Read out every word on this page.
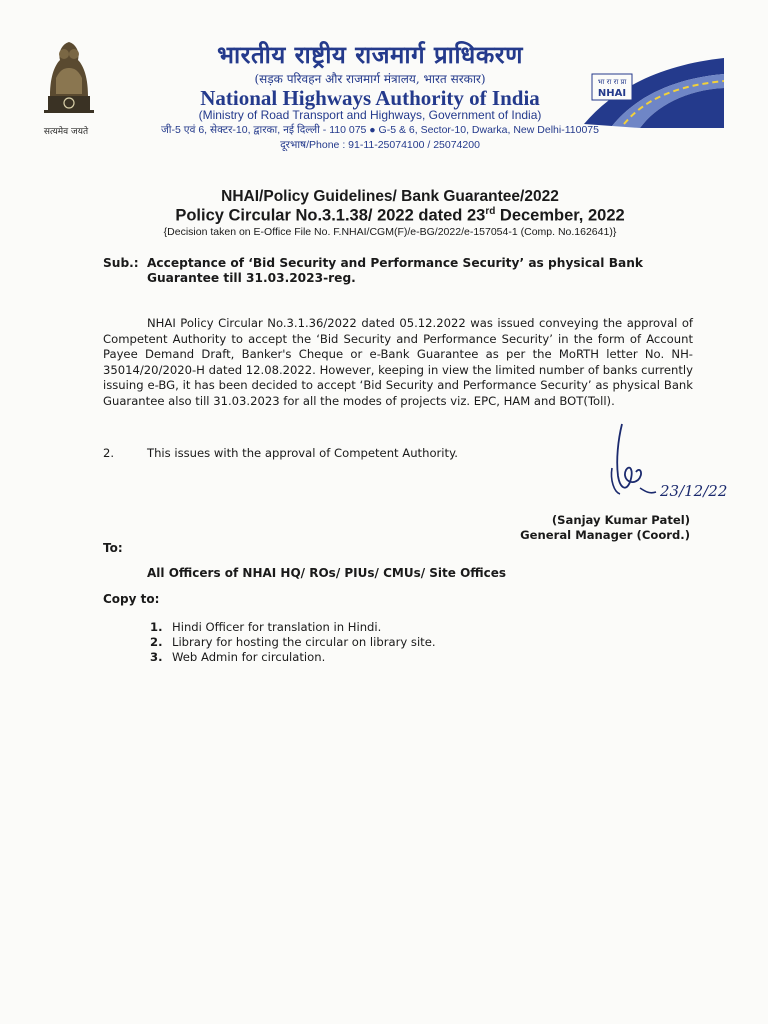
सत्यमेव जयते
भारतीय राष्ट्रीय राजमार्ग प्राधिकरण
(सड़क परिवहन और राजमार्ग मंत्रालय, भारत सरकार)
National Highways Authority of India
(Ministry of Road Transport and Highways, Government of India)
जी-5 एवं 6, सेक्टर-10, द्वारका, नई दिल्ली - 110 075 ● G-5 & 6, Sector-10, Dwarka, New Delhi-110075
दूरभाष/Phone : 91-11-25074100 / 25074200
भा रा रा प्रा
NHAI
NHAI/Policy Guidelines/ Bank Guarantee/2022
Policy Circular No.3.1.38/ 2022 dated 23rd December, 2022
{Decision taken on E-Office File No. F.NHAI/CGM(F)/e-BG/2022/e-157054-1 (Comp. No.162641)}
Sub.: Acceptance of ‘Bid Security and Performance Security’ as physical Bank Guarantee till 31.03.2023-reg.
NHAI Policy Circular No.3.1.36/2022 dated 05.12.2022 was issued conveying the approval of Competent Authority to accept the ‘Bid Security and Performance Security’ in the form of Account Payee Demand Draft, Banker's Cheque or e-Bank Guarantee as per the MoRTH letter No. NH-35014/20/2020-H dated 12.08.2022. However, keeping in view the limited number of banks currently issuing e-BG, it has been decided to accept ‘Bid Security and Performance Security’ as physical Bank Guarantee also till 31.03.2023 for all the modes of projects viz. EPC, HAM and BOT(Toll).
2.	This issues with the approval of Competent Authority.
23/12/22
(Sanjay Kumar Patel)
General Manager (Coord.)
To:
All Officers of NHAI HQ/ ROs/ PIUs/ CMUs/ Site Offices
Copy to:
1. Hindi Officer for translation in Hindi.
2. Library for hosting the circular on library site.
3. Web Admin for circulation.
